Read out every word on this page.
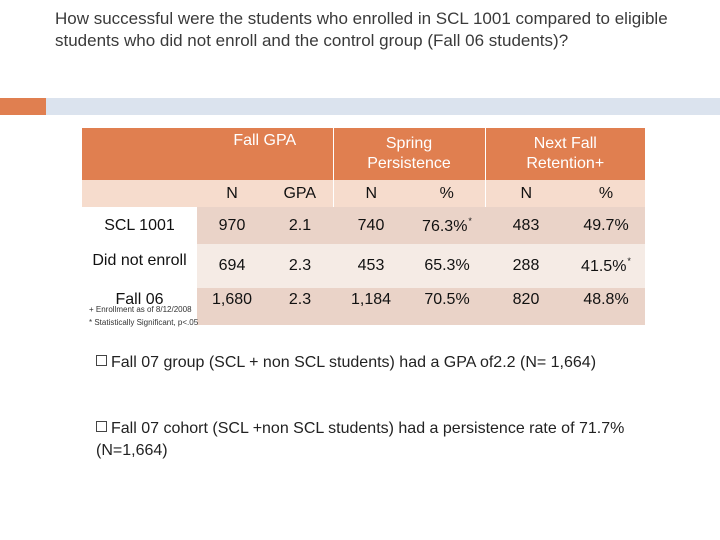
How successful were the students who enrolled in SCL 1001 compared to eligible students who did not enroll and the control group (Fall 06 students)?
	Fall GPA		Spring Persistence		Next Fall Retention+	
	N	GPA	N	%	N	%
SCL 1001	970	2.1	740	76.3%*	483	49.7%
Did not enroll	694	2.3	453	65.3%	288	41.5%*
Fall 06	1,680	2.3	1,184	70.5%	820	48.8%
+ Enrollment as of 8/12/2008
* Statistically Significant, p<.05
Fall 07 group (SCL + non SCL students) had a GPA of2.2 (N= 1,664)
Fall 07 cohort (SCL +non SCL students) had a persistence rate of 71.7% (N=1,664)
